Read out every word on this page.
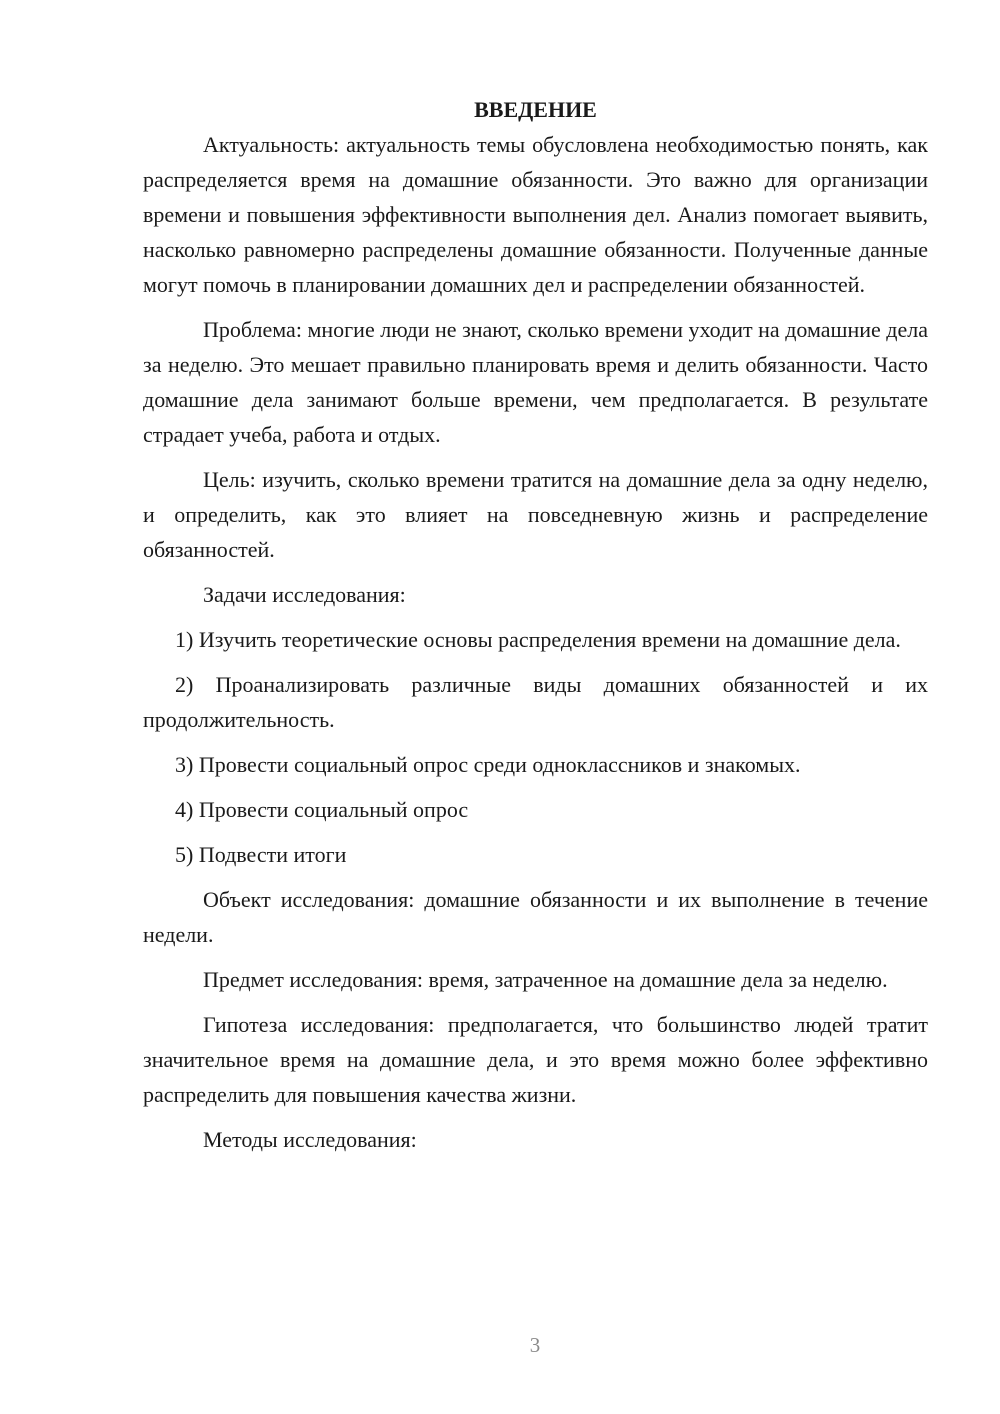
ВВЕДЕНИЕ

Актуальность: актуальность темы обусловлена необходимостью понять, как распределяется время на домашние обязанности. Это важно для организации времени и повышения эффективности выполнения дел. Анализ помогает выявить, насколько равномерно распределены домашние обязанности. Полученные данные могут помочь в планировании домашних дел и распределении обязанностей.

Проблема: многие люди не знают, сколько времени уходит на домашние дела за неделю. Это мешает правильно планировать время и делить обязанности. Часто домашние дела занимают больше времени, чем предполагается. В результате страдает учеба, работа и отдых.

Цель: изучить, сколько времени тратится на домашние дела за одну неделю, и определить, как это влияет на повседневную жизнь и распределение обязанностей.

Задачи исследования:

1) Изучить теоретические основы распределения времени на домашние дела.

2) Проанализировать различные виды домашних обязанностей и их продолжительность.

3) Провести социальный опрос среди одноклассников и знакомых.

4) Провести социальный опрос

5) Подвести итоги

Объект исследования: домашние обязанности и их выполнение в течение недели.

Предмет исследования: время, затраченное на домашние дела за неделю.

Гипотеза исследования: предполагается, что большинство людей тратит значительное время на домашние дела, и это время можно более эффективно распределить для повышения качества жизни.

Методы исследования:

3
